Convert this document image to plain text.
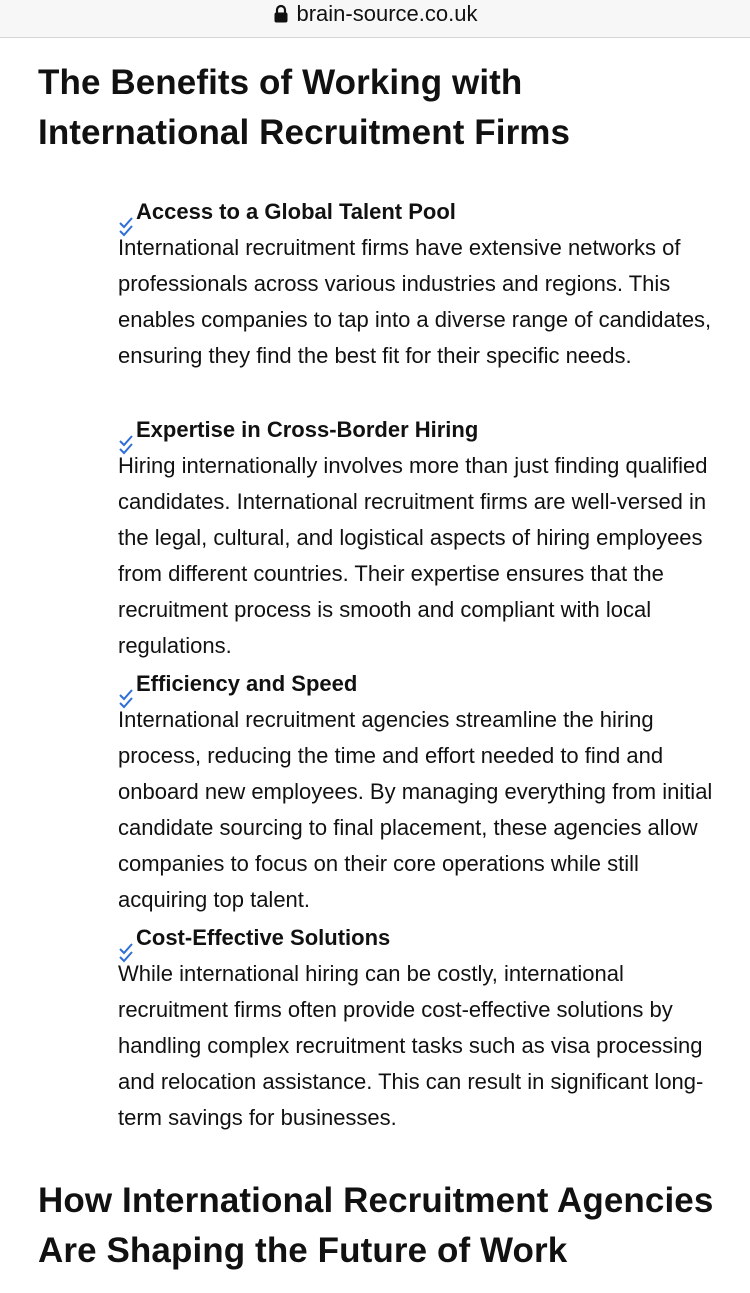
brain-source.co.uk
The Benefits of Working with International Recruitment Firms
Access to a Global Talent Pool

International recruitment firms have extensive networks of professionals across various industries and regions. This enables companies to tap into a diverse range of candidates, ensuring they find the best fit for their specific needs.

Expertise in Cross-Border Hiring

Hiring internationally involves more than just finding qualified candidates. International recruitment firms are well-versed in the legal, cultural, and logistical aspects of hiring employees from different countries. Their expertise ensures that the recruitment process is smooth and compliant with local regulations.

Efficiency and Speed

International recruitment agencies streamline the hiring process, reducing the time and effort needed to find and onboard new employees. By managing everything from initial candidate sourcing to final placement, these agencies allow companies to focus on their core operations while still acquiring top talent.

Cost-Effective Solutions

While international hiring can be costly, international recruitment firms often provide cost-effective solutions by handling complex recruitment tasks such as visa processing and relocation assistance. This can result in significant long-term savings for businesses.

How International Recruitment Agencies Are Shaping the Future of Work
